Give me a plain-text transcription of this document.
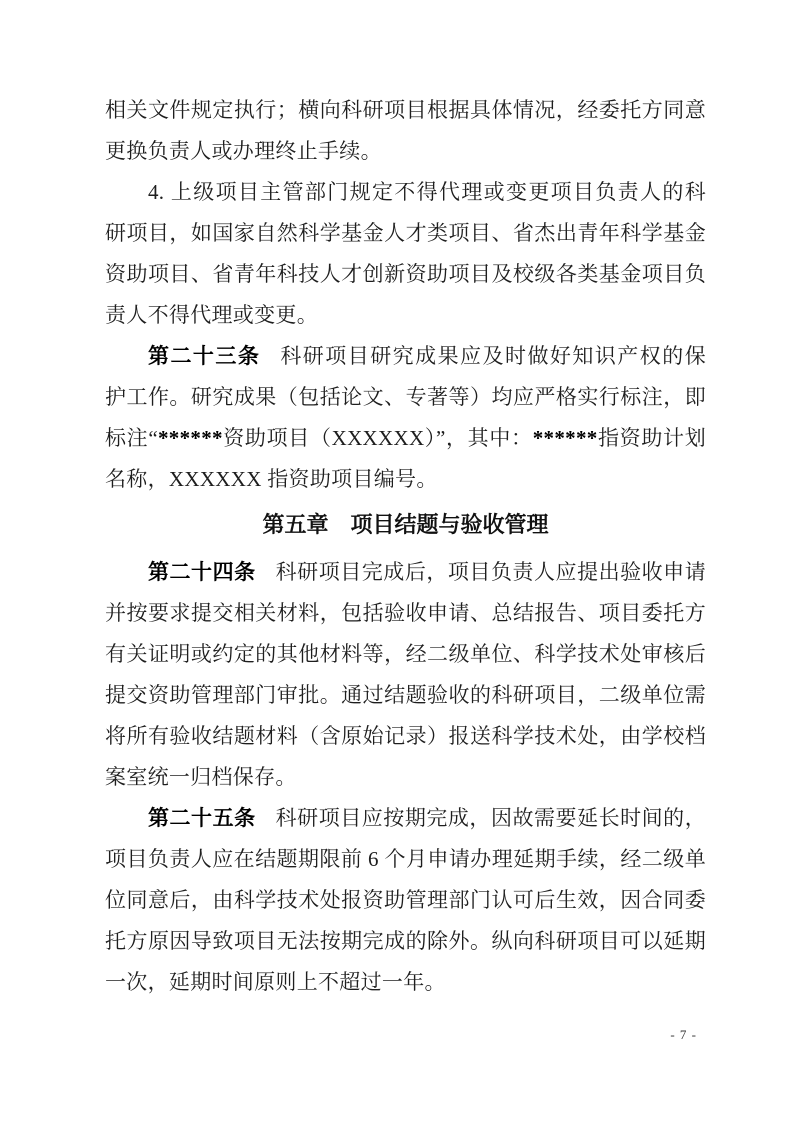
相关文件规定执行；横向科研项目根据具体情况，经委托方同意
更换负责人或办理终止手续。
4. 上级项目主管部门规定不得代理或变更项目负责人的科
研项目，如国家自然科学基金人才类项目、省杰出青年科学基金
资助项目、省青年科技人才创新资助项目及校级各类基金项目负
责人不得代理或变更。
第二十三条 科研项目研究成果应及时做好知识产权的保
护工作。研究成果（包括论文、专著等）均应严格实行标注，即
标注“******资助项目（XXXXXX）”，其中：******指资助计划
名称，XXXXXX 指资助项目编号。
第五章 项目结题与验收管理
第二十四条 科研项目完成后，项目负责人应提出验收申请
并按要求提交相关材料，包括验收申请、总结报告、项目委托方
有关证明或约定的其他材料等，经二级单位、科学技术处审核后
提交资助管理部门审批。通过结题验收的科研项目，二级单位需
将所有验收结题材料（含原始记录）报送科学技术处，由学校档
案室统一归档保存。
第二十五条 科研项目应按期完成，因故需要延长时间的，
项目负责人应在结题期限前 6 个月申请办理延期手续，经二级单
位同意后，由科学技术处报资助管理部门认可后生效，因合同委
托方原因导致项目无法按期完成的除外。纵向科研项目可以延期
一次，延期时间原则上不超过一年。
- 7 -
